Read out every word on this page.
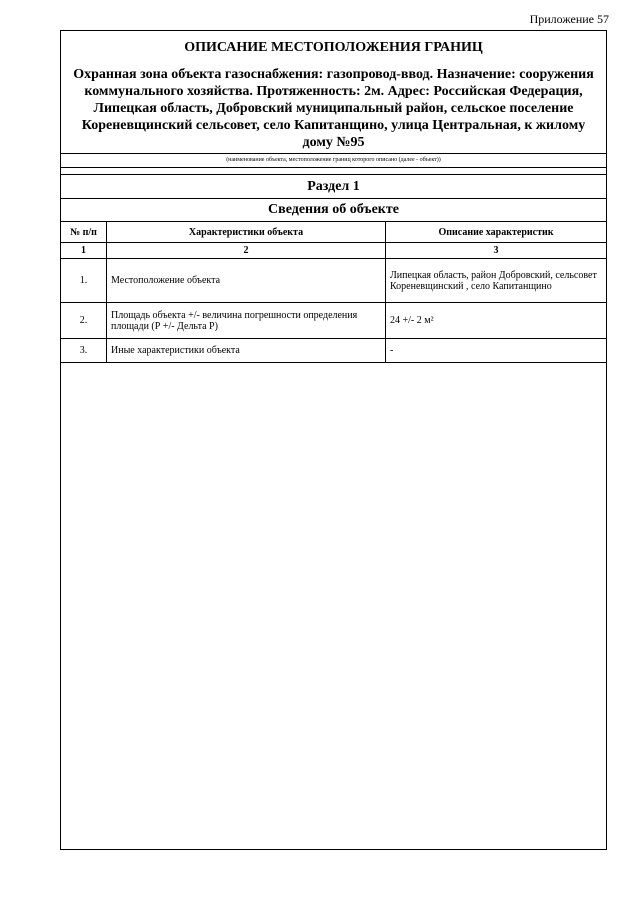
Приложение 57
ОПИСАНИЕ МЕСТОПОЛОЖЕНИЯ ГРАНИЦ
Охранная зона объекта газоснабжения: газопровод-ввод. Назначение: сооружения коммунального хозяйства. Протяженность: 2м. Адрес: Российская Федерация, Липецкая область, Добровский муниципальный район, сельское поселение Кореневщинский сельсовет, село Капитанщино, улица Центральная, к жилому дому №95
(наименование объекта, местоположение границ которого описано (далее - объект))
Раздел 1
Сведения об объекте
№ п/п	Характеристики объекта	Описание характеристик
1	2	3
1.	Местоположение объекта	Липецкая область, район Добровский, сельсовет Кореневщинский , село Капитанщино
2.	Площадь объекта +/- величина погрешности определения площади (Р +/- Дельта Р)	24 +/- 2 м²
3.	Иные характеристики объекта	-
